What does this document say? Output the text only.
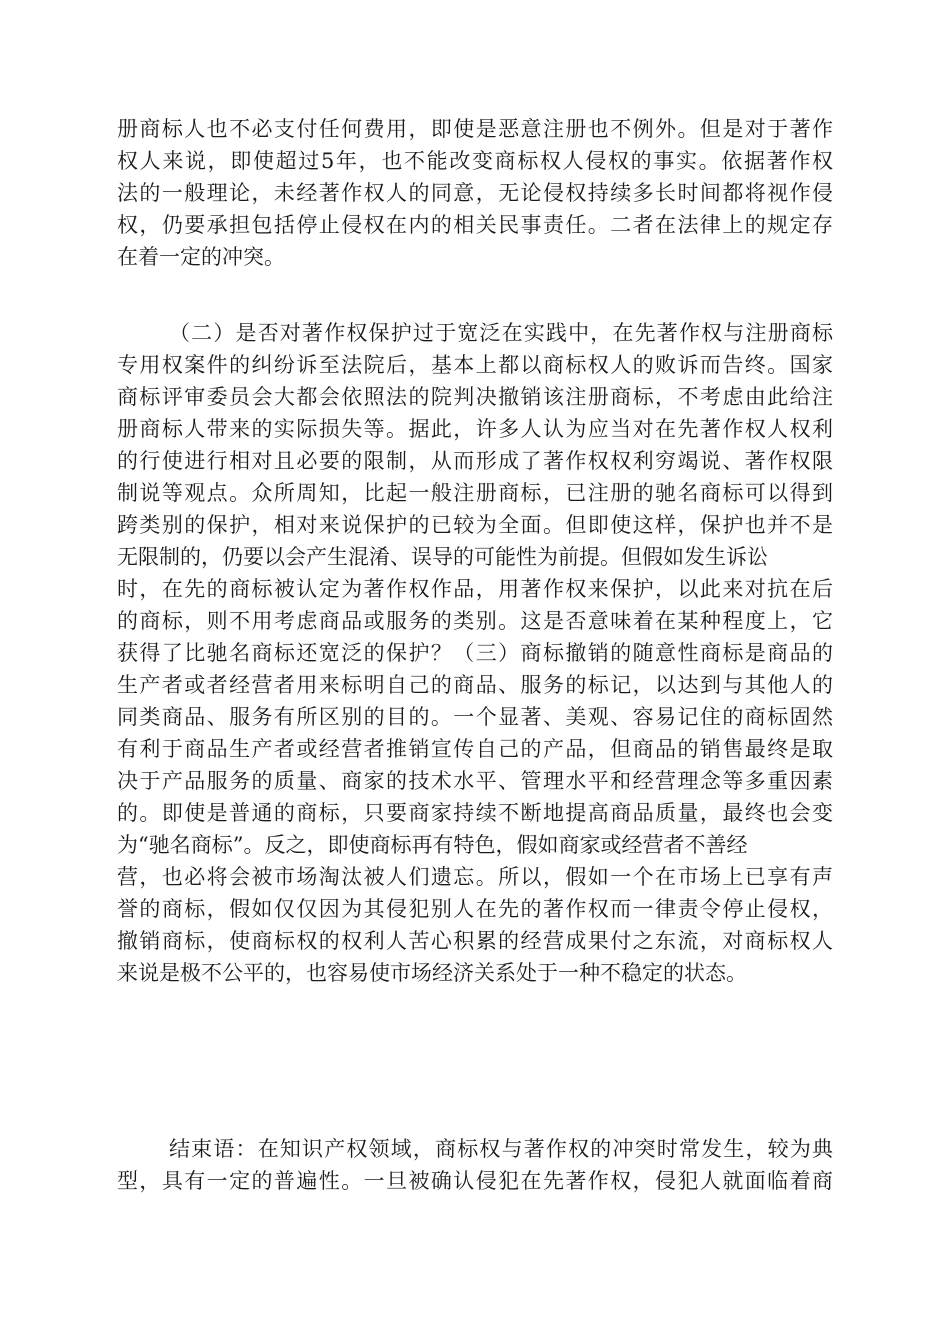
册商标人也不必支付任何费用，即使是恶意注册也不例外。但是对于著作
权人来说，即使超过5年，也不能改变商标权人侵权的事实。依据著作权
法的一般理论，未经著作权人的同意，无论侵权持续多长时间都将视作侵
权，仍要承担包括停止侵权在内的相关民事责任。二者在法律上的规定存
在着一定的冲突。
（二）是否对著作权保护过于宽泛在实践中，在先著作权与注册商标
专用权案件的纠纷诉至法院后，基本上都以商标权人的败诉而告终。国家
商标评审委员会大都会依照法的院判决撤销该注册商标，不考虑由此给注
册商标人带来的实际损失等。据此，许多人认为应当对在先著作权人权利
的行使进行相对且必要的限制，从而形成了著作权权利穷竭说、著作权限
制说等观点。众所周知，比起一般注册商标，已注册的驰名商标可以得到
跨类别的保护，相对来说保护的已较为全面。但即使这样，保护也并不是
无限制的，仍要以会产生混淆、误导的可能性为前提。但假如发生诉讼
时，在先的商标被认定为著作权作品，用著作权来保护，以此来对抗在后
的商标，则不用考虑商品或服务的类别。这是否意味着在某种程度上，它
获得了比驰名商标还宽泛的保护？（三）商标撤销的随意性商标是商品的
生产者或者经营者用来标明自己的商品、服务的标记，以达到与其他人的
同类商品、服务有所区别的目的。一个显著、美观、容易记住的商标固然
有利于商品生产者或经营者推销宣传自己的产品，但商品的销售最终是取
决于产品服务的质量、商家的技术水平、管理水平和经营理念等多重因素
的。即使是普通的商标，只要商家持续不断地提高商品质量，最终也会变
为“驰名商标”。反之，即使商标再有特色，假如商家或经营者不善经
营，也必将会被市场淘汰被人们遗忘。所以，假如一个在市场上已享有声
誉的商标，假如仅仅因为其侵犯别人在先的著作权而一律责令停止侵权，
撤销商标，使商标权的权利人苦心积累的经营成果付之东流，对商标权人
来说是极不公平的，也容易使市场经济关系处于一种不稳定的状态。
结束语：在知识产权领域，商标权与著作权的冲突时常发生，较为典
型，具有一定的普遍性。一旦被确认侵犯在先著作权，侵犯人就面临着商
